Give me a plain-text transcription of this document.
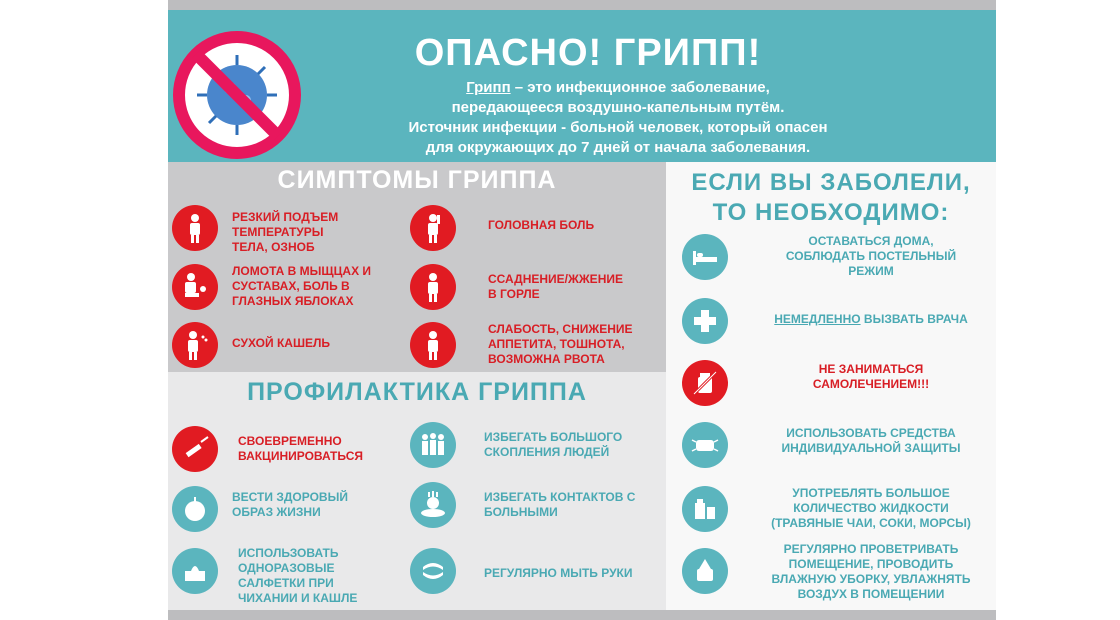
ОПАСНО! ГРИПП!
Грипп – это инфекционное заболевание,
передающееся воздушно-капельным путём.
Источник инфекции - больной человек, который опасен
для окружающих до 7 дней от начала заболевания.
СИМПТОМЫ ГРИППА
РЕЗКИЙ ПОДЪЕМ
ТЕМПЕРАТУРЫ
ТЕЛА, ОЗНОБ
ГОЛОВНАЯ БОЛЬ
ЛОМОТА В МЫЩЦАХ И
СУСТАВАХ, БОЛЬ В
ГЛАЗНЫХ ЯБЛОКАХ
ССАДНЕНИЕ/ЖЖЕНИЕ
В ГОРЛЕ
СУХОЙ КАШЕЛЬ
СЛАБОСТЬ, СНИЖЕНИЕ
АППЕТИТА, ТОШНОТА,
ВОЗМОЖНА РВОТА
ПРОФИЛАКТИКА ГРИППА
СВОЕВРЕМЕННО
ВАКЦИНИРОВАТЬСЯ
ИЗБЕГАТЬ БОЛЬШОГО
СКОПЛЕНИЯ ЛЮДЕЙ
ВЕСТИ ЗДОРОВЫЙ
ОБРАЗ ЖИЗНИ
ИЗБЕГАТЬ КОНТАКТОВ С
БОЛЬНЫМИ
ИСПОЛЬЗОВАТЬ
ОДНОРАЗОВЫЕ
САЛФЕТКИ ПРИ
ЧИХАНИИ И КАШЛЕ
РЕГУЛЯРНО МЫТЬ РУКИ
ЕСЛИ ВЫ ЗАБОЛЕЛИ,
ТО НЕОБХОДИМО:
ОСТАВАТЬСЯ ДОМА,
СОБЛЮДАТЬ ПОСТЕЛЬНЫЙ
РЕЖИМ
НЕМЕДЛЕННО ВЫЗВАТЬ ВРАЧА
НЕ ЗАНИМАТЬСЯ
САМОЛЕЧЕНИЕМ!!!
ИСПОЛЬЗОВАТЬ СРЕДСТВА
ИНДИВИДУАЛЬНОЙ ЗАЩИТЫ
УПОТРЕБЛЯТЬ БОЛЬШОЕ
КОЛИЧЕСТВО ЖИДКОСТИ
(ТРАВЯНЫЕ ЧАИ, СОКИ, МОРСЫ)
РЕГУЛЯРНО ПРОВЕТРИВАТЬ
ПОМЕЩЕНИЕ, ПРОВОДИТЬ
ВЛАЖНУЮ УБОРКУ, УВЛАЖНЯТЬ
ВОЗДУХ В ПОМЕЩЕНИИ
